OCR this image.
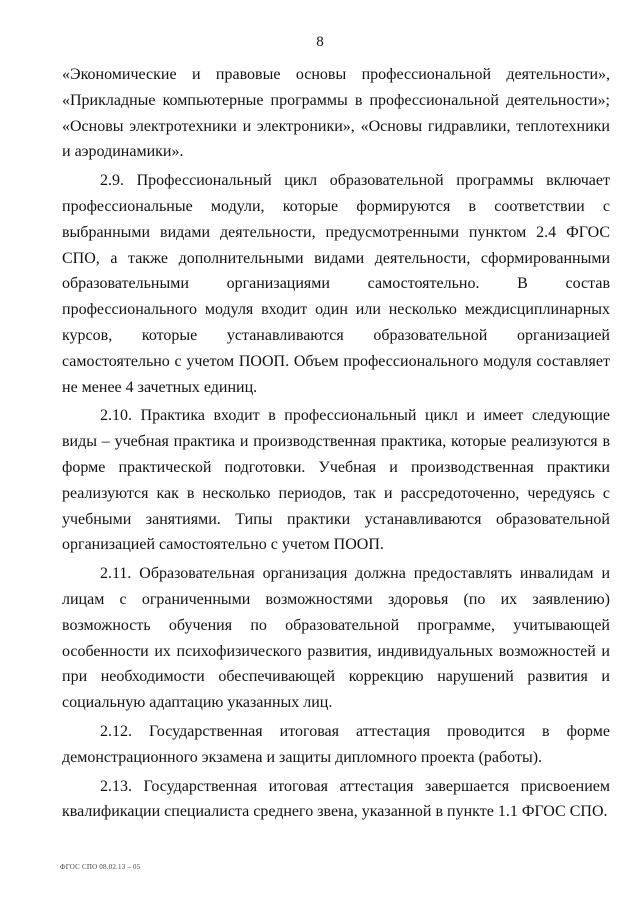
8

«Экономические и правовые основы профессиональной деятельности», «Прикладные компьютерные программы в профессиональной деятельности»; «Основы электротехники и электроники», «Основы гидравлики, теплотехники и аэродинамики».

2.9. Профессиональный цикл образовательной программы включает профессиональные модули, которые формируются в соответствии с выбранными видами деятельности, предусмотренными пунктом 2.4 ФГОС СПО, а также дополнительными видами деятельности, сформированными образовательными организациями самостоятельно. В состав профессионального модуля входит один или несколько междисциплинарных курсов, которые устанавливаются образовательной организацией самостоятельно с учетом ПООП. Объем профессионального модуля составляет не менее 4 зачетных единиц.

2.10. Практика входит в профессиональный цикл и имеет следующие виды – учебная практика и производственная практика, которые реализуются в форме практической подготовки. Учебная и производственная практики реализуются как в несколько периодов, так и рассредоточенно, чередуясь с учебными занятиями. Типы практики устанавливаются образовательной организацией самостоятельно с учетом ПООП.

2.11. Образовательная организация должна предоставлять инвалидам и лицам с ограниченными возможностями здоровья (по их заявлению) возможность обучения по образовательной программе, учитывающей особенности их психофизического развития, индивидуальных возможностей и при необходимости обеспечивающей коррекцию нарушений развития и социальную адаптацию указанных лиц.

2.12. Государственная итоговая аттестация проводится в форме демонстрационного экзамена и защиты дипломного проекта (работы).

2.13. Государственная итоговая аттестация завершается присвоением квалификации специалиста среднего звена, указанной в пункте 1.1 ФГОС СПО.

ФГОС СПО 08.02.13 – 05
